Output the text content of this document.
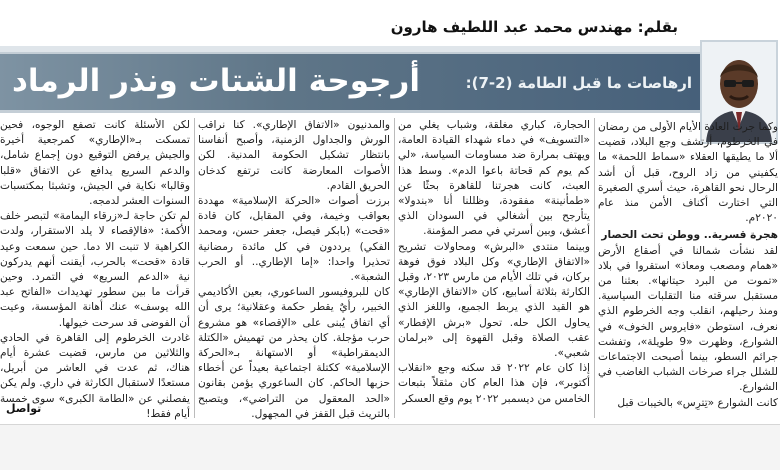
بقلم: مهندس محمد عبد اللطيف هارون
أرجوحة الشتات ونذر الرماد	ارهاصات ما قبل الطامة (2-7):

وكما جرت العادة الأيام الأولى من رمضان في الخرطوم، أرتشف وجع البلاد، قضيت ألا ما يطيقها العقلاء «سماط اللحمة» ما يكفيني من زاد الروح، قبل أن أشد الرحال نحو القاهرة، حيث أسري الصغيرة التي اختارت أكناف الأمن منذ عام ٢٠٢٠م.

هجرة قسرية.. ووطن تحت الحصار

لقد نشأت شمالنا في أصقاع الأرض «همام ومصعب ومعاذ» استقروا في بلاد «تموت من البرد حيتانها». بعثنا من مستقبل سرقته منا التقلبات السياسية. ومنذ رحيلهم، انقلب وجه الخرطوم الذي نعرف، استوطن «فايروس الخوف» في الشوارع، وظهرت «9 طويلة»، وتفشت جرائم السطو، بينما أصبحت الاجتماعات للشلل جراء صرخات الشباب الغاضب في الشوارع.

كانت الشوارع «تِترِس» بالخيبات قبل

الحجارة، كباري مغلقة، وشباب يغلي من «التسويف» في دماء شهداء القيادة العامة، ويهتف بمرارة ضد مساومات السياسة، «لي كم يوم كم قحاتة باعوا الدم». وسط هذا العبث، كانت هجرتنا للقاهرة بحثًا عن «طمأنينة» مفقودة، وظللنا أنا «بندولا» يتأرجح بين أشغالي في السودان الذي أعشق، وبين أسرتي في مصر المؤمنة.

وبينما منتدى «البرش» ومحاولات تشريح «الاتفاق الإطاري» وكل البلاد فوق فوهة بركان، في تلك الأيام من مارس ٢٠٢٣، وقبل الكارثة بثلاثة أسابيع، كان «الاتفاق الإطاري» هو القيد الذي يربط الجميع، واللغز الذي يحاول الكل حله. تحول «برش الإفطار» عقب الصلاة وقبل القهوة إلى «برلمان شعبي».

إذا كان عام ٢٠٢٢ قد سكنه وجع «انقلاب أكتوبر»، فإن هذا العام كان مثقلاً بتبعات الخامس من ديسمبر ٢٠٢٢ يوم وقع العسكر

والمدنيون «الاتفاق الإطاري». كنا نراقب الورش والجداول الزمنية، وأصبح أنفاسنا بانتظار تشكيل الحكومة المدنية. لكن الأصوات المعارضة كانت ترتفع كدخان الحريق القادم.

برزت أصوات «الحركة الإسلامية» مهددة بعواقب وخيمة، وفي المقابل، كان قادة «قحت» (بابكر فيصل، جعفر حسن، ومحمد الفكي) يرددون في كل مائدة رمضانية تحذيرا واحدا: «إما الإطاري.. أو الحرب الشعبة».

كان للبروفيسور الساعوري، بعين الأكاديمي الخبير، رأيٌ يقطر حكمة وعقلانية؛ يرى أن أي اتفاق يُبنى على «الإقصاء» هو مشروع حرب مؤجلة. كان يحذر من تهميش «الكتلة الديمقراطية» أو الاستهانة بـ«الحركة الإسلامية» ككتلة اجتماعية بعيداً عن أخطاء حزبها الحاكم. كان الساعوري يؤمن بقانون «الحد المعقول من التراضي»، ويتصبح بالتريث قبل القفز في المجهول.

لكن الأسئلة كانت تصفع الوجوه، فحين تمسكت بـ«الإطاري» كمرجعية أخيرة والجيش يرفض التوقيع دون إجماع شامل، والدعم السريع يدافع عن الاتفاق «قلبا وقالبا» نكاية في الجيش، وتشبثا بمكتسبات السنوات العشر لدمجه.

لم تكن حاجة لـ«زرقاء اليمامة» لتبصر خلف الأكمة: «فالإقصاء لا يلد الاستقرار، ولدت الكراهية لا تنبت الا دما. حين سمعت وعيد قادة «قحت» بالحرب، أيقنت أنهم يدركون نية «الدعم السريع» في التمرد. وحين قرأت ما بين سطور تهديدات «الفاتح عبد الله يوسف» عنك أهانة المؤسسة، وعيت أن الفوضى قد سرحت خيولها.

غادرت الخرطوم إلى القاهرة في الحادي والثلاثين من مارس، قضيت عشرة أيام هناك، ثم عدت في العاشر من أبريل، مستعدًا لاستقبال الكارثة في داري. ولم يكن يفصلني عن «الطامة الكبرى» سوى خمسة أيام فقط!

تواصل
